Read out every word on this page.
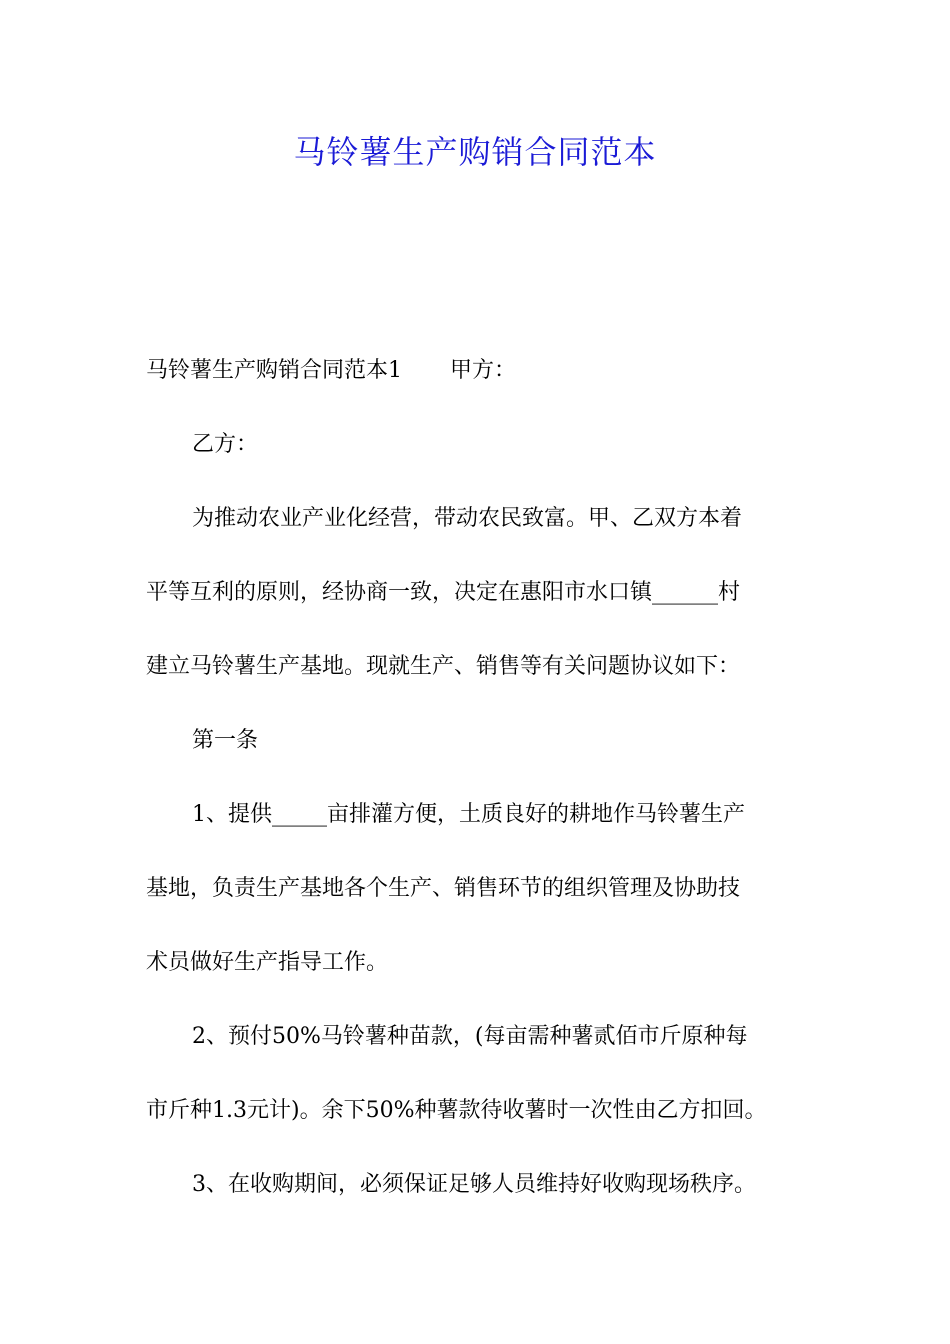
马铃薯生产购销合同范本
马铃薯生产购销合同范本1 甲方：
乙方：
为推动农业产业化经营，带动农民致富。甲、乙双方本着
平等互利的原则，经协商一致，决定在惠阳市水口镇______村
建立马铃薯生产基地。现就生产、销售等有关问题协议如下：
第一条
1、提供_____亩排灌方便，土质良好的耕地作马铃薯生产
基地，负责生产基地各个生产、销售环节的组织管理及协助技
术员做好生产指导工作。
2、预付50%马铃薯种苗款，(每亩需种薯贰佰市斤原种每
市斤种1.3元计)。余下50%种薯款待收薯时一次性由乙方扣回。
3、在收购期间，必须保证足够人员维持好收购现场秩序。
